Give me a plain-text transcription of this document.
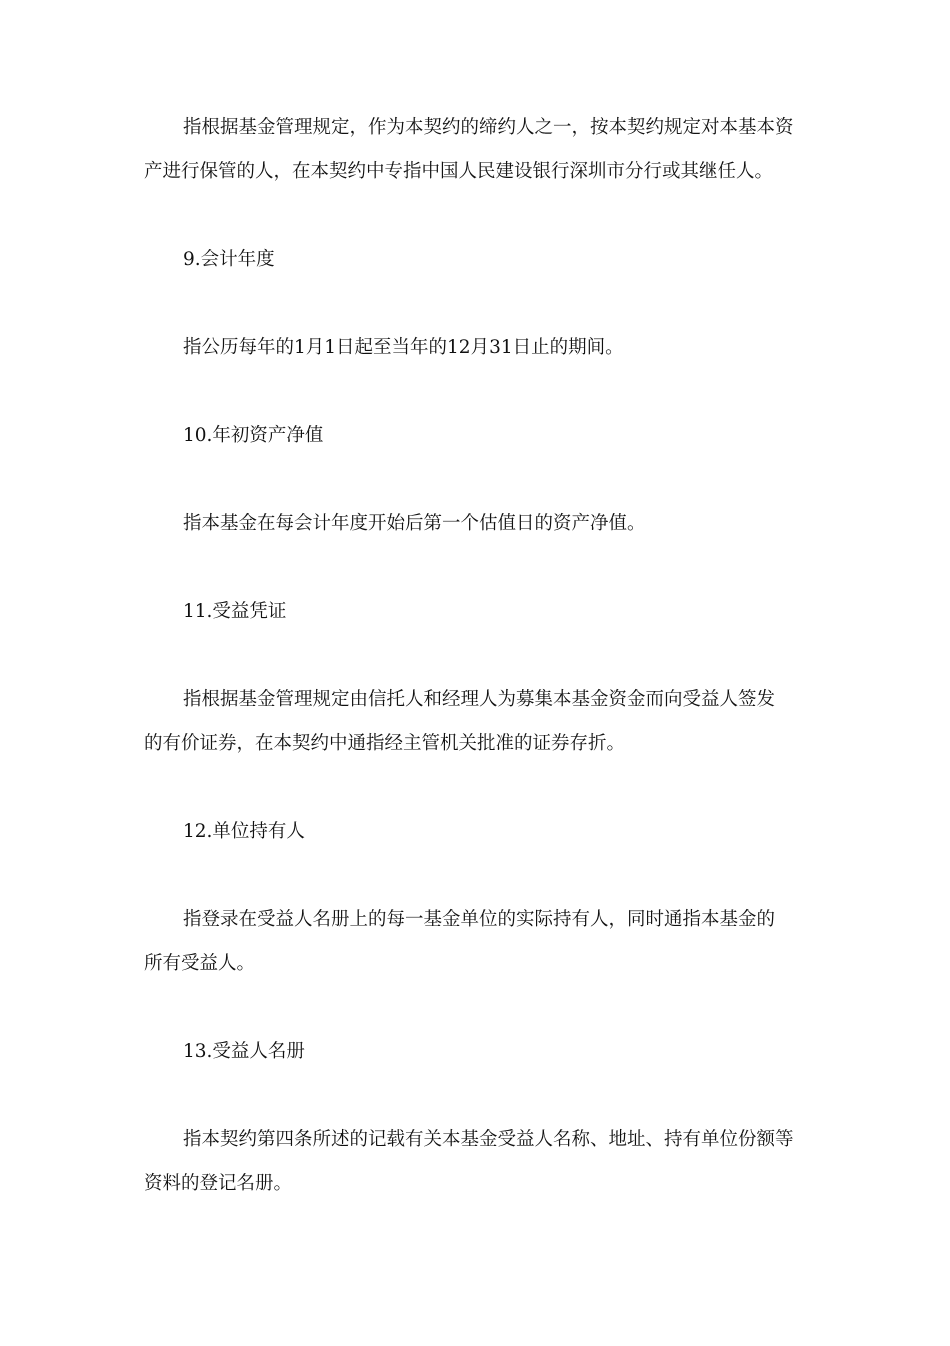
指根据基金管理规定，作为本契约的缔约人之一，按本契约规定对本基本资
产进行保管的人，在本契约中专指中国人民建设银行深圳市分行或其继任人。
9.会计年度
指公历每年的1月1日起至当年的12月31日止的期间。
10.年初资产净值
指本基金在每会计年度开始后第一个估值日的资产净值。
11.受益凭证
指根据基金管理规定由信托人和经理人为募集本基金资金而向受益人签发
的有价证券，在本契约中通指经主管机关批准的证券存折。
12.单位持有人
指登录在受益人名册上的每一基金单位的实际持有人，同时通指本基金的
所有受益人。
13.受益人名册
指本契约第四条所述的记载有关本基金受益人名称、地址、持有单位份额等
资料的登记名册。
